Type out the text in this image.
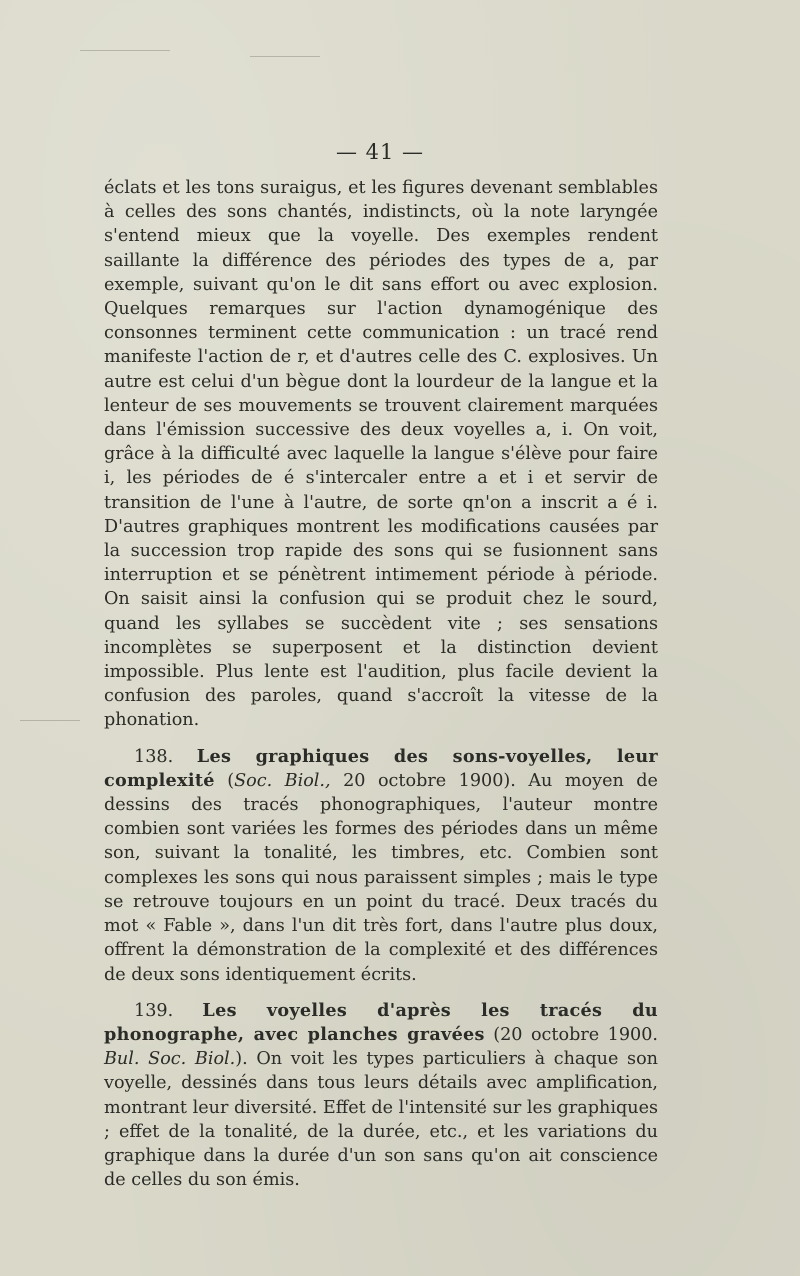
— 41 —

éclats et les tons suraigus, et les figures devenant semblables à celles des sons chantés, indistincts, où la note laryngée s'entend mieux que la voyelle. Des exemples rendent saillante la différence des périodes des types de a, par exemple, suivant qu'on le dit sans effort ou avec explosion. Quelques remarques sur l'action dynamogénique des consonnes terminent cette communication : un tracé rend manifeste l'action de r, et d'autres celle des C. explosives. Un autre est celui d'un bègue dont la lourdeur de la langue et la lenteur de ses mouvements se trouvent clairement marquées dans l'émission successive des deux voyelles a, i. On voit, grâce à la difficulté avec laquelle la langue s'élève pour faire i, les périodes de é s'intercaler entre a et i et servir de transition de l'une à l'autre, de sorte qn'on a inscrit a é i. D'autres graphiques montrent les modifications causées par la succession trop rapide des sons qui se fusionnent sans interruption et se pénètrent intimement période à période. On saisit ainsi la confusion qui se produit chez le sourd, quand les syllabes se succèdent vite ; ses sensations incomplètes se superposent et la distinction devient impossible. Plus lente est l'audition, plus facile devient la confusion des paroles, quand s'accroît la vitesse de la phonation.

138. Les graphiques des sons-voyelles, leur complexité (Soc. Biol., 20 octobre 1900). Au moyen de dessins des tracés phonographiques, l'auteur montre combien sont variées les formes des périodes dans un même son, suivant la tonalité, les timbres, etc. Combien sont complexes les sons qui nous paraissent simples ; mais le type se retrouve toujours en un point du tracé. Deux tracés du mot « Fable », dans l'un dit très fort, dans l'autre plus doux, offrent la démonstration de la complexité et des différences de deux sons identiquement écrits.

139. Les voyelles d'après les tracés du phonographe, avec planches gravées (20 octobre 1900. Bul. Soc. Biol.). On voit les types particuliers à chaque son voyelle, dessinés dans tous leurs détails avec amplification, montrant leur diversité. Effet de l'intensité sur les graphiques ; effet de la tonalité, de la durée, etc., et les variations du graphique dans la durée d'un son sans qu'on ait conscience de celles du son émis.
